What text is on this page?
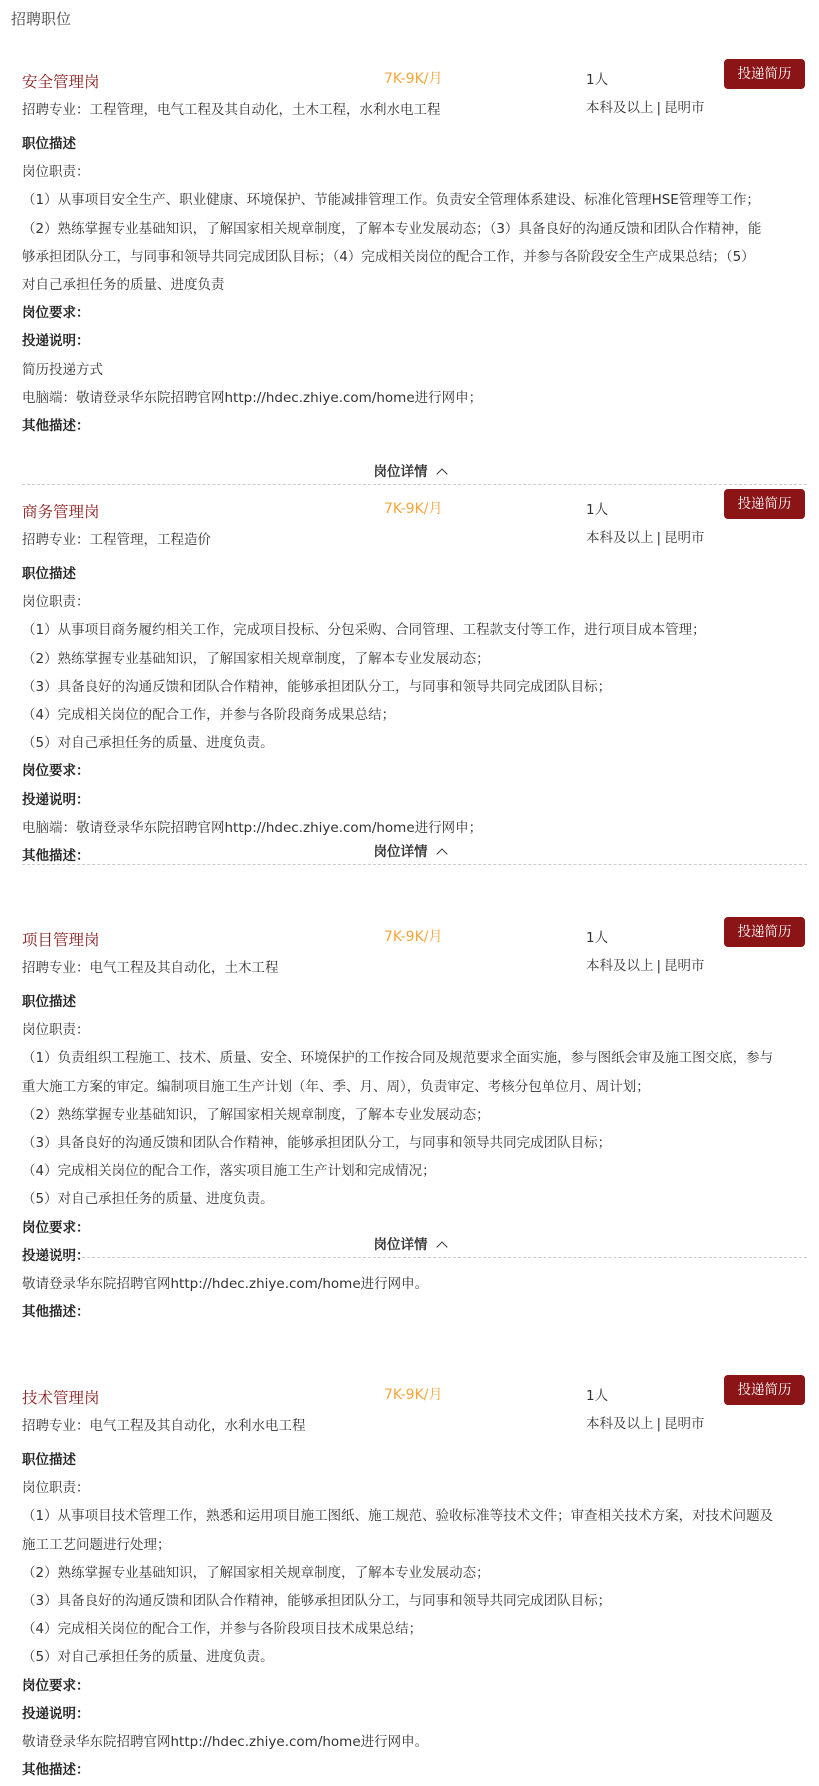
招聘职位
安全管理岗	7K-9K/月	1人
本科及以上 | 昆明市
投递简历
招聘专业：工程管理，电气工程及其自动化，土木工程，水利水电工程
职位描述
岗位职责：
（1）从事项目安全生产、职业健康、环境保护、节能减排管理工作。负责安全管理体系建设、标准化管理HSE管理等工作；
（2）熟练掌握专业基础知识，了解国家相关规章制度，了解本专业发展动态；（3）具备良好的沟通反馈和团队合作精神，能
够承担团队分工，与同事和领导共同完成团队目标；（4）完成相关岗位的配合工作，并参与各阶段安全生产成果总结；（5）
对自己承担任务的质量、进度负责
岗位要求：
投递说明：
简历投递方式
电脑端：敬请登录华东院招聘官网http://hdec.zhiye.com/home进行网申；
其他描述：
岗位详情
商务管理岗	7K-9K/月	1人
本科及以上 | 昆明市
投递简历
招聘专业：工程管理，工程造价
职位描述
岗位职责：
（1）从事项目商务履约相关工作，完成项目投标、分包采购、合同管理、工程款支付等工作，进行项目成本管理；
（2）熟练掌握专业基础知识，了解国家相关规章制度，了解本专业发展动态；
（3）具备良好的沟通反馈和团队合作精神，能够承担团队分工，与同事和领导共同完成团队目标；
（4）完成相关岗位的配合工作，并参与各阶段商务成果总结；
（5）对自己承担任务的质量、进度负责。
岗位要求：
投递说明：
电脑端：敬请登录华东院招聘官网http://hdec.zhiye.com/home进行网申；
其他描述：	岗位详情
项目管理岗	7K-9K/月	1人
本科及以上 | 昆明市
投递简历
招聘专业：电气工程及其自动化，土木工程
职位描述
岗位职责：
（1）负责组织工程施工、技术、质量、安全、环境保护的工作按合同及规范要求全面实施，参与图纸会审及施工图交底，参与
重大施工方案的审定。编制项目施工生产计划（年、季、月、周），负责审定、考核分包单位月、周计划；
（2）熟练掌握专业基础知识，了解国家相关规章制度，了解本专业发展动态；
（3）具备良好的沟通反馈和团队合作精神，能够承担团队分工，与同事和领导共同完成团队目标；
（4）完成相关岗位的配合工作，落实项目施工生产计划和完成情况；
（5）对自己承担任务的质量、进度负责。
岗位要求：
投递说明：
敬请登录华东院招聘官网http://hdec.zhiye.com/home进行网申。
其他描述：
岗位详情
技术管理岗	7K-9K/月	1人
本科及以上 | 昆明市
投递简历
招聘专业：电气工程及其自动化，水利水电工程
职位描述
岗位职责：
（1）从事项目技术管理工作，熟悉和运用项目施工图纸、施工规范、验收标准等技术文件；审查相关技术方案，对技术问题及
施工工艺问题进行处理；
（2）熟练掌握专业基础知识，了解国家相关规章制度，了解本专业发展动态；
（3）具备良好的沟通反馈和团队合作精神，能够承担团队分工，与同事和领导共同完成团队目标；
（4）完成相关岗位的配合工作，并参与各阶段项目技术成果总结；
（5）对自己承担任务的质量、进度负责。
岗位要求：
投递说明：
敬请登录华东院招聘官网http://hdec.zhiye.com/home进行网申。
其他描述：
